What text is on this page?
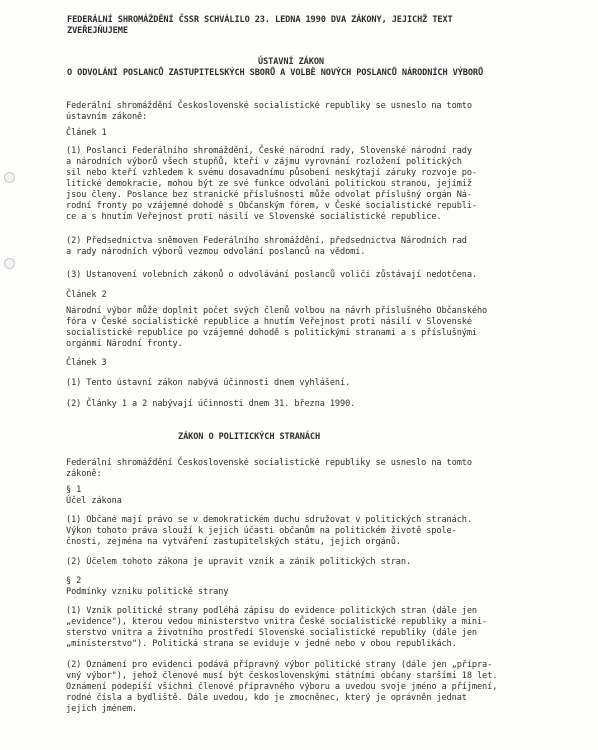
FEDERÁLNÍ SHROMÁŽDĚNÍ ČSSR SCHVÁLILO 23. LEDNA 1990 DVA ZÁKONY, JEJICHŽ TEXT
ZVEŘEJŇUJEME
ÚSTAVNÍ ZÁKON
O ODVOLÁNÍ POSLANCŮ ZASTUPITELSKÝCH SBORŮ A VOLBĚ NOVÝCH POSLANCŮ NÁRODNÍCH VÝBORŮ
Federální shromáždění Československé socialistické republiky se usneslo na tomto
ústavním zákoně:
Článek 1
(1) Poslanci Federálního shromáždění, České národní rady, Slovenské národní rady
a národních výborů všech stupňů, kteří v zájmu vyrovnání rozložení politických
sil nebo kteří vzhledem k svému dosavadnímu působení neskýtají záruky rozvoje po-
litické demokracie, mohou být ze své funkce odvoláni politickou stranou, jejímiž
jsou členy. Poslance bez stranické příslušnosti může odvolat příslušný orgán Ná-
rodní fronty po vzájemné dohodě s Občanským fórem, v České socialistické republi-
ce a s hnutím Veřejnost proti násilí ve Slovenské socialistické republice.
(2) Předsednictva sněmoven Federálního shromáždění, předsednictva Národních rad
a rady národních výborů vezmou odvolání poslanců na vědomí.
(3) Ustanovení volebních zákonů o odvolávání poslanců voliči zůstávají nedotčena.
Článek 2
Národní výbor může doplnit počet svých členů volbou na návrh příslušného Občanského
fóra v České socialistické republice a hnutím Veřejnost proti násilí v Slovenské
socialistické republice po vzájemné dohodě s politickými stranami a s příslušnými
orgánmi Národní fronty.
Článek 3
(1) Tento ústavní zákon nabývá účinnosti dnem vyhlášení.
(2) Články 1 a 2 nabývají účinnosti dnem 31. března 1990.
ZÁKON O POLITICKÝCH STRANÁCH
Federální shromáždění Československé socialistické republiky se usneslo na tomto
zákoně:
§ 1
Účel zákona
(1) Občané mají právo se v demokratickém duchu sdružovat v politických stranách.
Výkon tohoto práva slouží k jejich účasti občanům na politickém životě spole-
čnosti, zejména na vytváření zastupitelských státu, jejich orgánů.
(2) Účelem tohoto zákona je upravit vznik a zánik politických stran.
§ 2
Podmínky vzniku politické strany
(1) Vznik politické strany podléhá zápisu do evidence politických stran (dále jen
„evidence"), kterou vedou ministerstvo vnitra České socialistické republiky a mini-
sterstvo vnitra a životního prostředí Slovenské socialistické republiky (dále jen
„ministerstvo"). Politická strana se eviduje v jedné nebo v obou republikách.
(2) Oznámení pro evidenci podává přípravný výbor politické strany (dále jen „přípra-
vný výbor"), jehož členové musí být československými státními občany staršími 18 let.
Oznámení podepíší všichni členové přípravného výboru a uvedou svoje jméno a příjmení,
rodné čísla a bydliště. Dále uvedou, kdo je zmocněnec, který je oprávněn jednat
jejich jménem.
